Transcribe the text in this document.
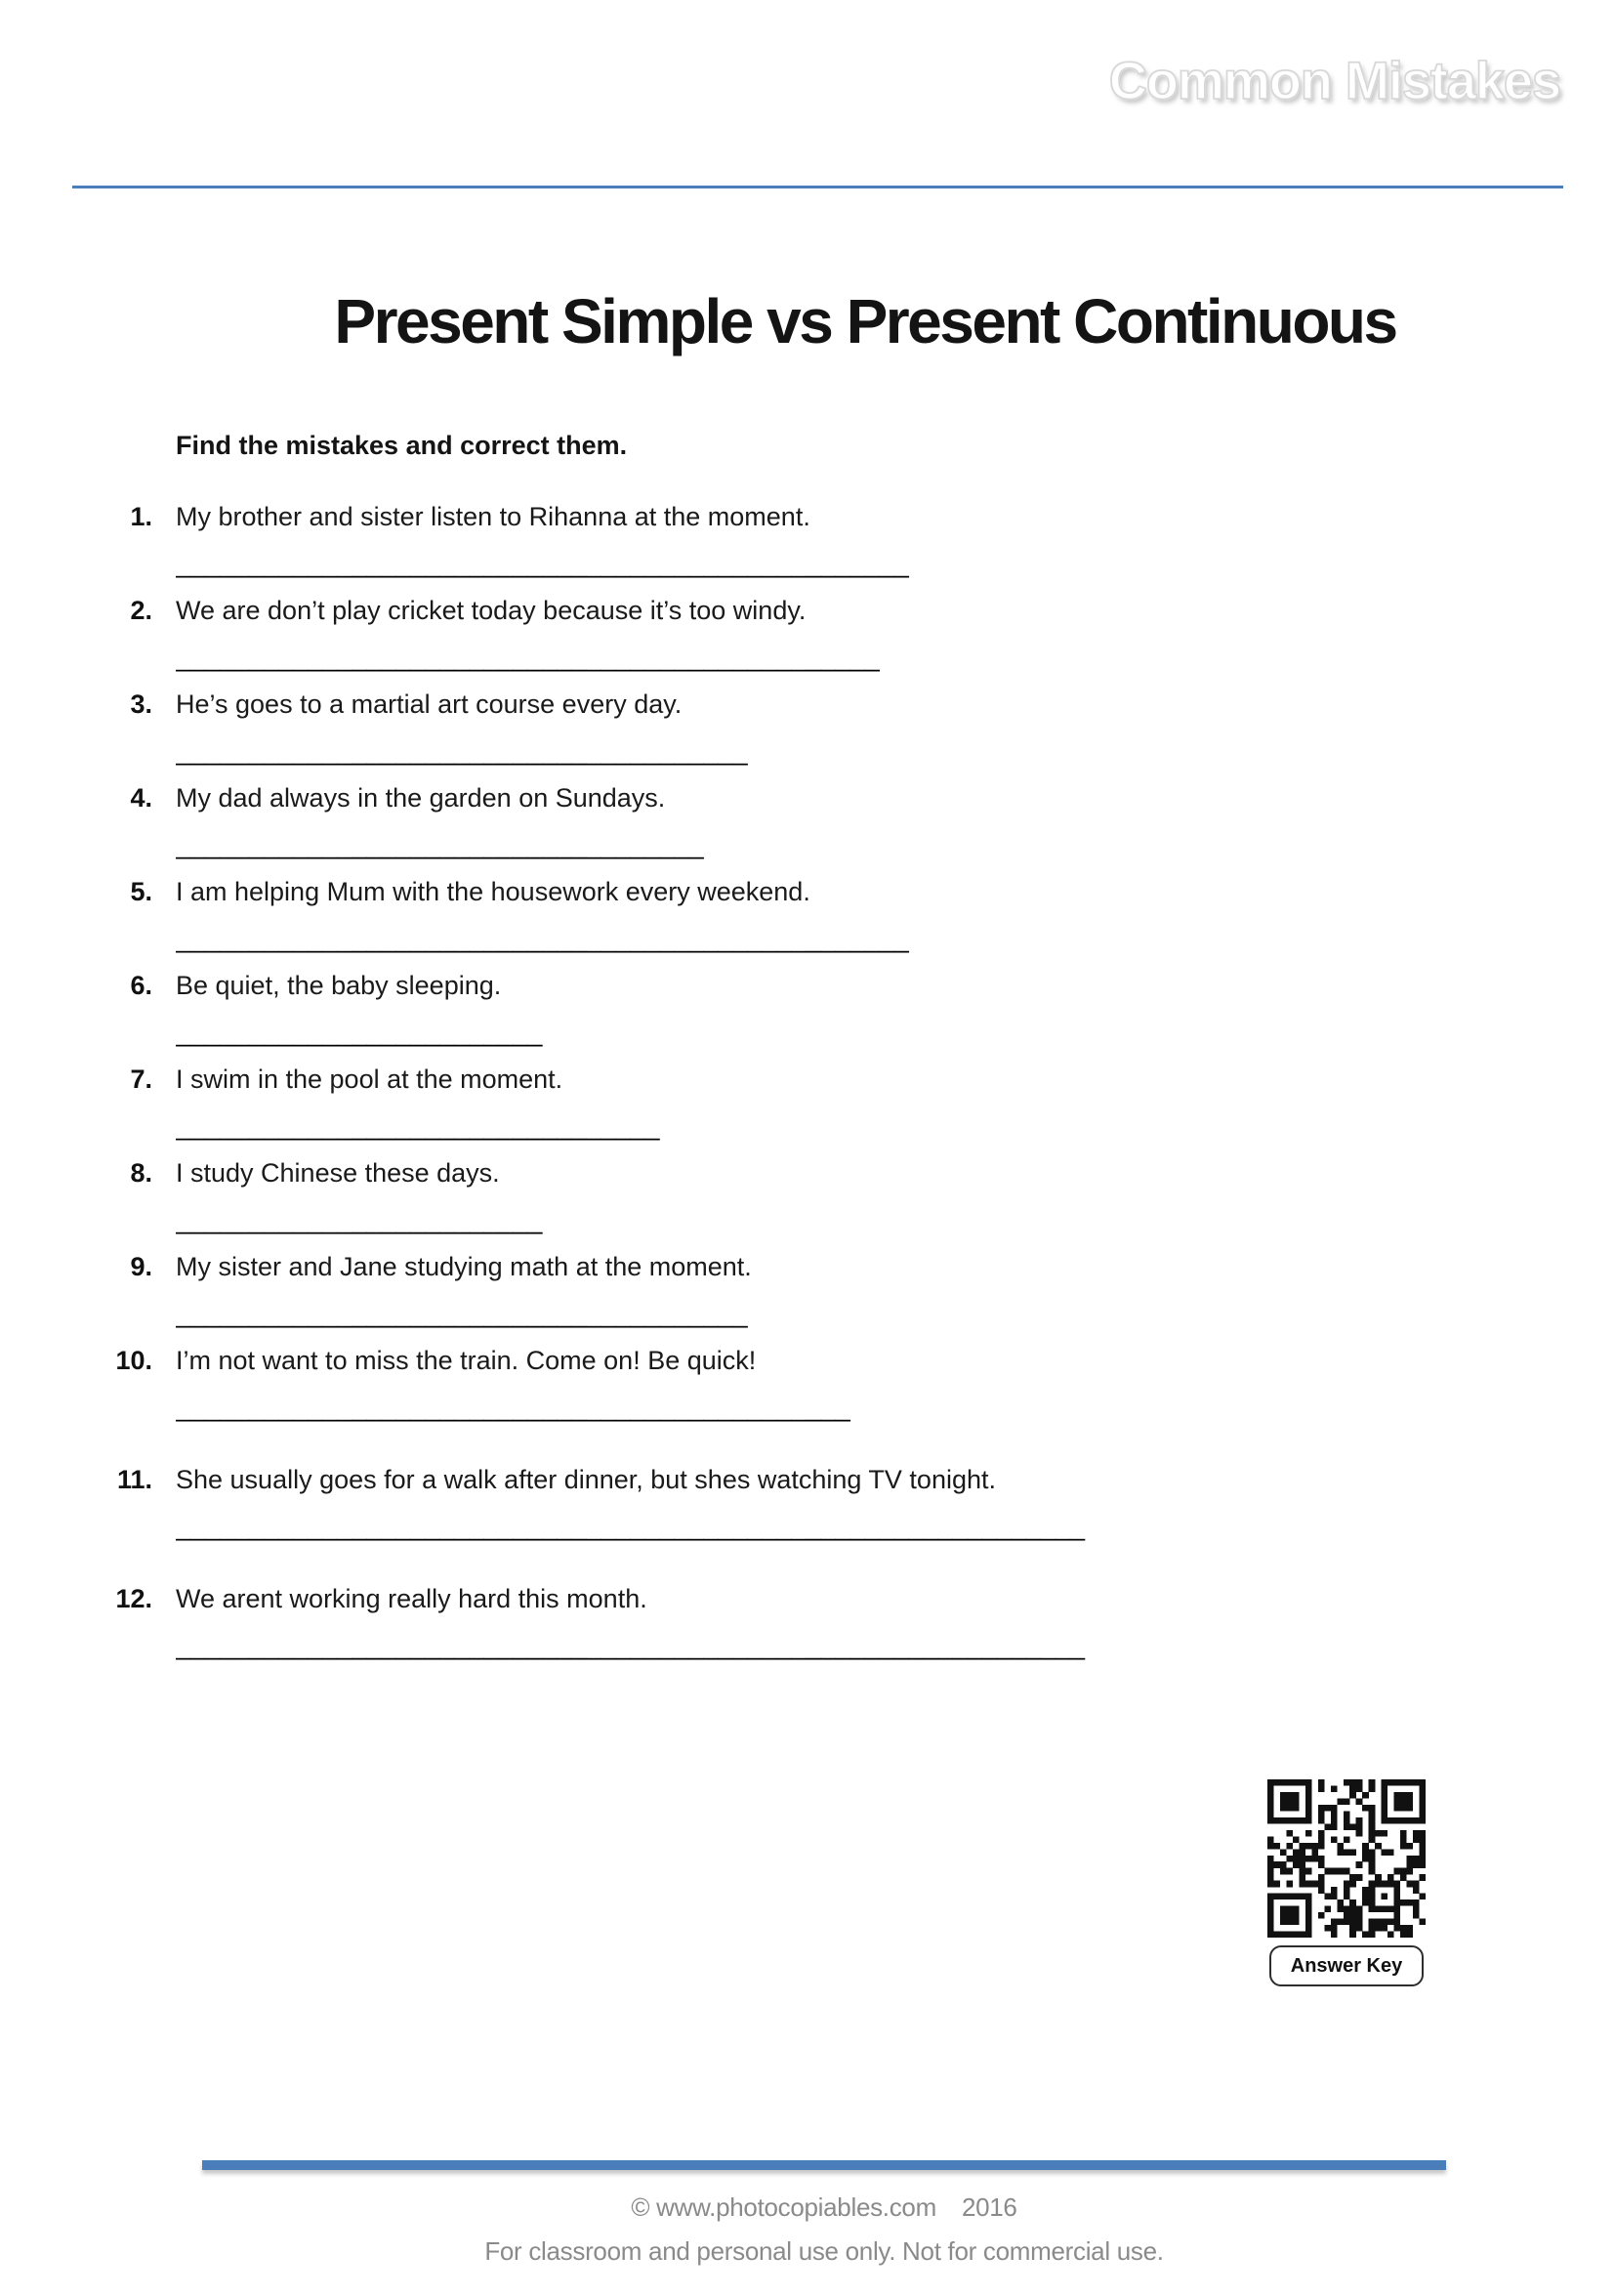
Common Mistakes
Present Simple vs Present Continuous
Find the mistakes and correct them.
1. My brother and sister listen to Rihanna at the moment.
__________________________________________________
2. We are don’t play cricket today because it’s too windy.
________________________________________________
3. He’s goes to a martial art course every day.
_______________________________________
4. My dad always in the garden on Sundays.
____________________________________
5. I am helping Mum with the housework every weekend.
__________________________________________________
6. Be quiet, the baby sleeping.
_________________________
7. I swim in the pool at the moment.
_________________________________
8. I study Chinese these days.
_________________________
9. My sister and Jane studying math at the moment.
_______________________________________
10. I’m not want to miss the train. Come on! Be quick!
______________________________________________
11. She usually goes for a walk after dinner, but shes watching TV tonight.
______________________________________________________________
12. We arent working really hard this month.
______________________________________________________________
Answer Key
© www.photocopiables.com 2016
For classroom and personal use only. Not for commercial use.
